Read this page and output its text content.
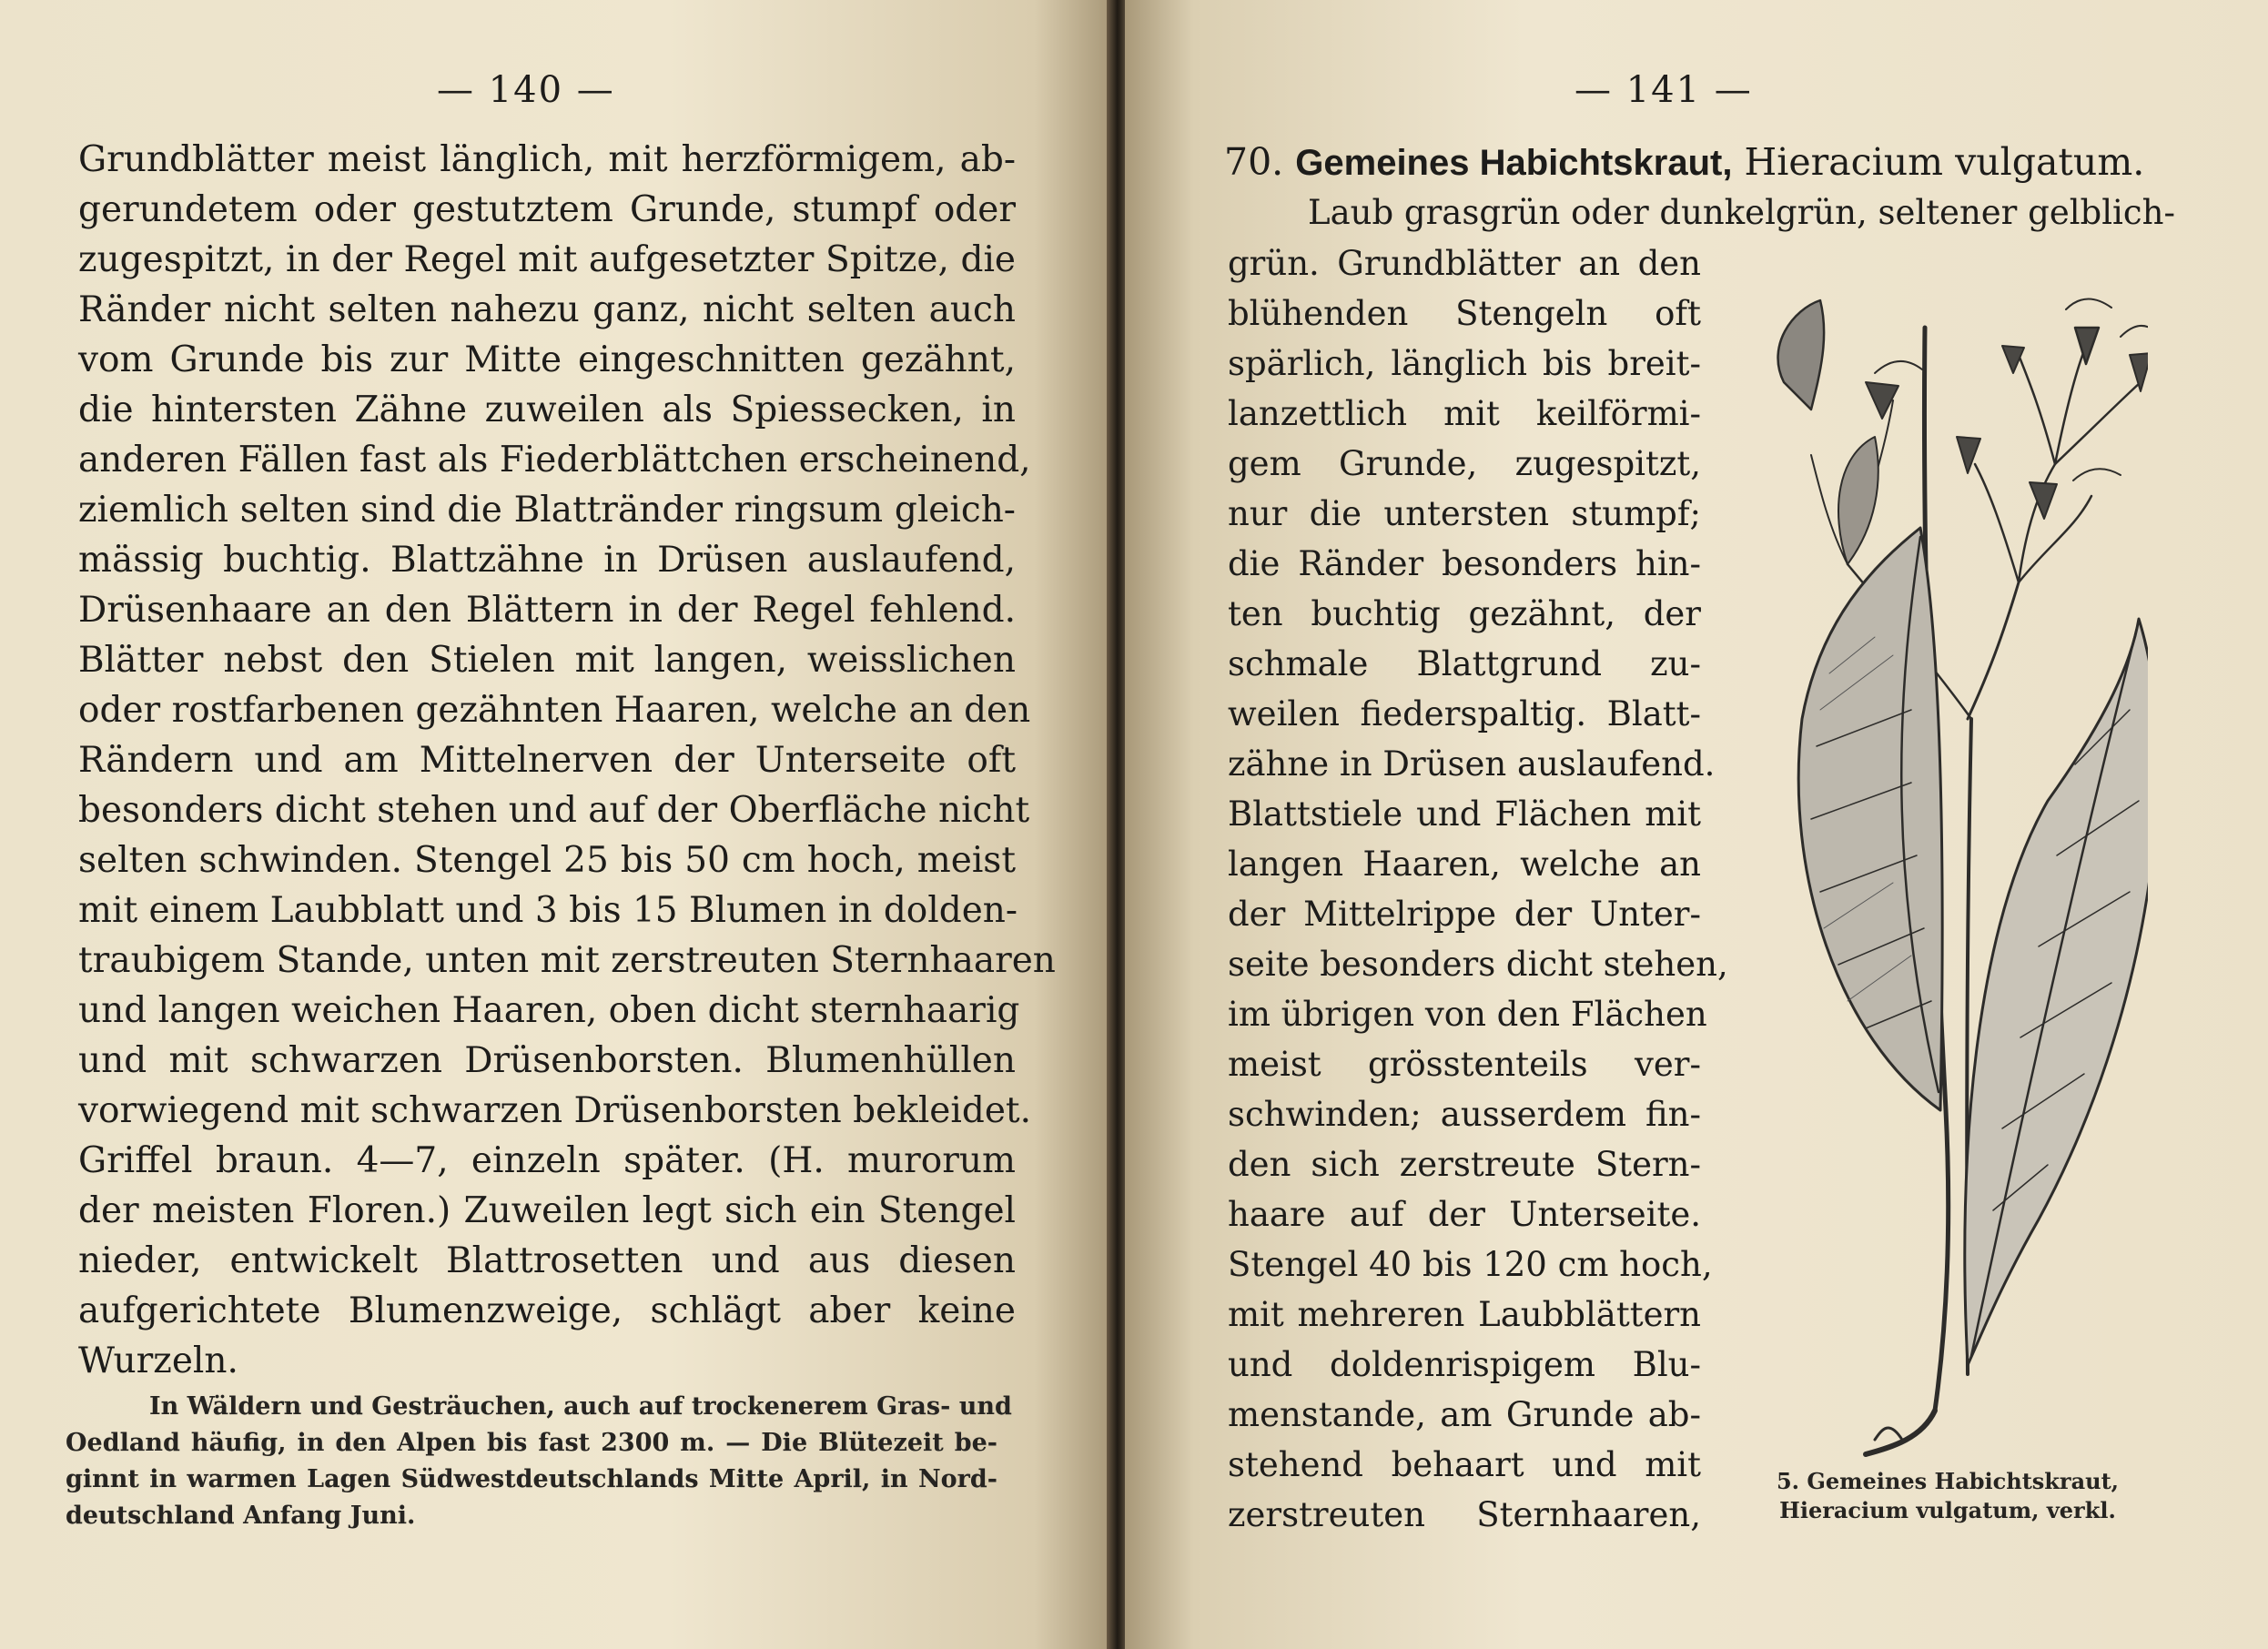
— 140 —
Grundblätter meist länglich, mit herzförmigem, ab-
gerundetem oder gestutztem Grunde, stumpf oder
zugespitzt, in der Regel mit aufgesetzter Spitze, die
Ränder nicht selten nahezu ganz, nicht selten auch
vom Grunde bis zur Mitte eingeschnitten gezähnt,
die hintersten Zähne zuweilen als Spiessecken, in
anderen Fällen fast als Fiederblättchen erscheinend,
ziemlich selten sind die Blattränder ringsum gleich-
mässig buchtig. Blattzähne in Drüsen auslaufend,
Drüsenhaare an den Blättern in der Regel fehlend.
Blätter nebst den Stielen mit langen, weisslichen
oder rostfarbenen gezähnten Haaren, welche an den
Rändern und am Mittelnerven der Unterseite oft
besonders dicht stehen und auf der Oberfläche nicht
selten schwinden. Stengel 25 bis 50 cm hoch, meist
mit einem Laubblatt und 3 bis 15 Blumen in dolden-
traubigem Stande, unten mit zerstreuten Sternhaaren
und langen weichen Haaren, oben dicht sternhaarig
und mit schwarzen Drüsenborsten. Blumenhüllen
vorwiegend mit schwarzen Drüsenborsten bekleidet.
Griffel braun. 4—7, einzeln später. (H. murorum
der meisten Floren.) Zuweilen legt sich ein Stengel
nieder, entwickelt Blattrosetten und aus diesen
aufgerichtete Blumenzweige, schlägt aber keine
Wurzeln.
In Wäldern und Gesträuchen, auch auf trockenerem Gras- und
Oedland häufig, in den Alpen bis fast 2300 m. — Die Blütezeit be-
ginnt in warmen Lagen Südwestdeutschlands Mitte April, in Nord-
deutschland Anfang Juni.
— 141 —
70. Gemeines Habichtskraut, Hieracium vulgatum.
Laub grasgrün oder dunkelgrün, seltener gelblich-
grün. Grundblätter an den
blühenden Stengeln oft
spärlich, länglich bis breit-
lanzettlich mit keilförmi-
gem Grunde, zugespitzt,
nur die untersten stumpf;
die Ränder besonders hin-
ten buchtig gezähnt, der
schmale Blattgrund zu-
weilen fiederspaltig. Blatt-
zähne in Drüsen auslaufend.
Blattstiele und Flächen mit
langen Haaren, welche an
der Mittelrippe der Unter-
seite besonders dicht stehen,
im übrigen von den Flächen
meist grösstenteils ver-
schwinden; ausserdem fin-
den sich zerstreute Stern-
haare auf der Unterseite.
Stengel 40 bis 120 cm hoch,
mit mehreren Laubblättern
und doldenrispigem Blu-
menstande, am Grunde ab-
stehend behaart und mit
zerstreuten Sternhaaren,
5. Gemeines Habichtskraut,
Hieracium vulgatum, verkl.
